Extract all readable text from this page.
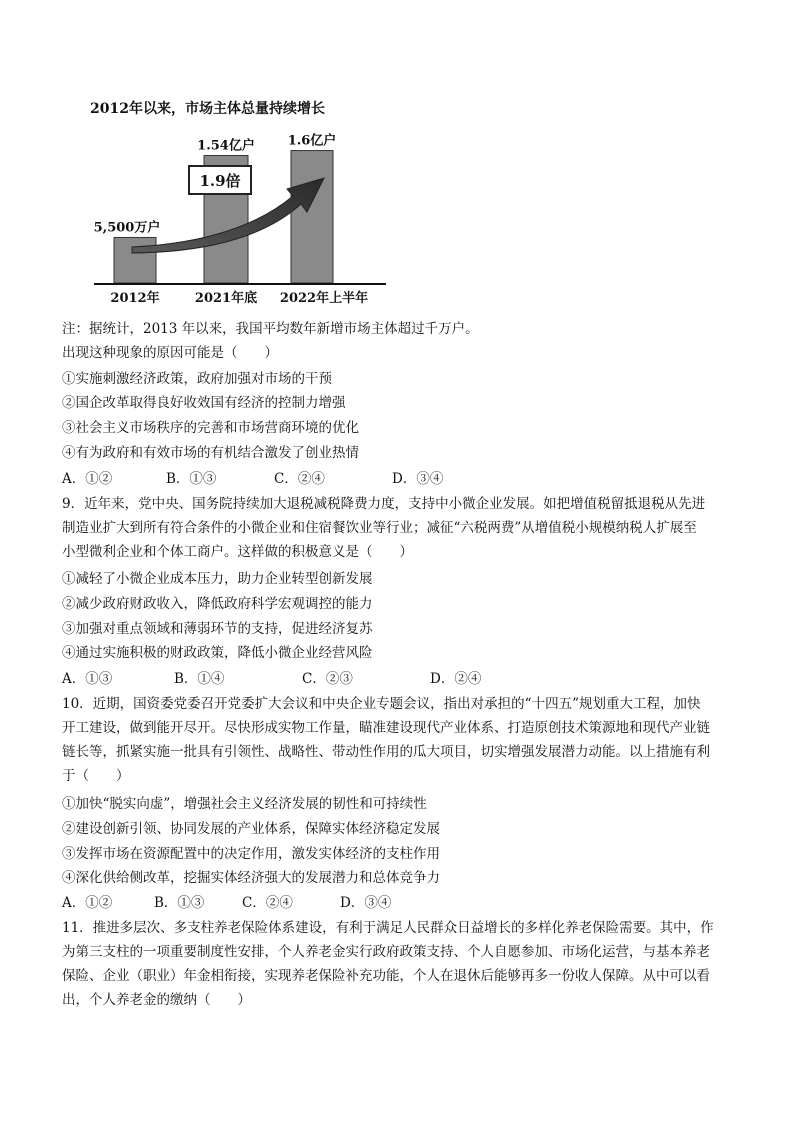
2012年以来，市场主体总量持续增长
1.9倍
5,500万户
1.54亿户	1.6亿户
2012年	2021年底 2022年上半年
注：据统计，2013 年以来，我国平均数年新增市场主体超过千万户。
出现这种现象的原因可能是（　　）
①实施刺激经济政策，政府加强对市场的干预
②国企改革取得良好收效国有经济的控制力增强
③社会主义市场秩序的完善和市场营商环境的优化
④有为政府和有效市场的有机结合激发了创业热情
A．①②	B．①③	C．②④	D．③④
9．近年来，党中央、国务院持续加大退税减税降费力度，支持中小微企业发展。如把增值税留抵退税从先进
制造业扩大到所有符合条件的小微企业和住宿餐饮业等行业；减征“六税两费”从增值税小规模纳税人扩展至
小型微利企业和个体工商户。这样做的积极意义是（　　）
①减轻了小微企业成本压力，助力企业转型创新发展
②减少政府财政收入，降低政府科学宏观调控的能力
③加强对重点领域和薄弱环节的支持，促进经济复苏
④通过实施积极的财政政策，降低小微企业经营风险
A．①③	B．①④	C．②③	D．②④
10．近期，国资委党委召开党委扩大会议和中央企业专题会议，指出对承担的“十四五”规划重大工程，加快
开工建设，做到能开尽开。尽快形成实物工作量，瞄准建设现代产业体系、打造原创技术策源地和现代产业链
链长等，抓紧实施一批具有引领性、战略性、带动性作用的瓜大项目，切实增强发展潜力动能。以上措施有利
于（　　）
①加快“脱实向虚”，增强社会主义经济发展的韧性和可持续性
②建设创新引领、协同发展的产业体系，保障实体经济稳定发展
③发挥市场在资源配置中的决定作用，激发实体经济的支柱作用
④深化供给侧改革，挖掘实体经济强大的发展潜力和总体竞争力
A．①②	B．①③	C．②④	D．③④
11．推进多层次、多支柱养老保险体系建设，有利于满足人民群众日益增长的多样化养老保险需要。其中，作
为第三支柱的一项重要制度性安排，个人养老金实行政府政策支持、个人自愿参加、市场化运营，与基本养老
保险、企业（职业）年金相衔接，实现养老保险补充功能，个人在退休后能够再多一份收人保障。从中可以看
出，个人养老金的缴纳（　　）
